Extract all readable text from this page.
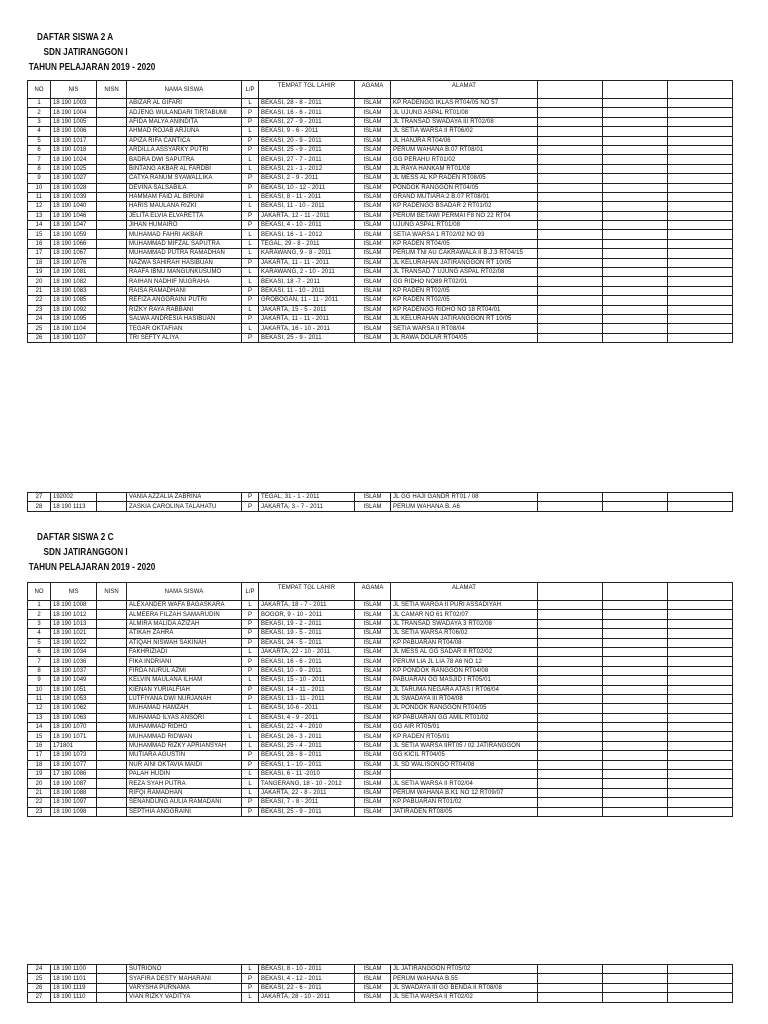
DAFTAR SISWA 2 A
SDN JATIRANGGON I
TAHUN PELAJARAN 2019 - 2020
NO	NIS	NISN	NAMA SISWA	L/P	TEMPAT TGL LAHIR	AGAMA	ALAMAT			
1	18 190 1003		ABIZAR AL GIFARI	L	BEKASI, 28 - 8 - 2011	ISLAM	KP RADENGG IKLAS RT04/05 NO 57			
2	18 190 1004		ADJENG WULANDARI TIRTABUMI	P	BEKASI, 16 - 6 - 2011	ISLAM	JL UJUNG ASPAL RT01/08			
3	18 190 1005		AFIDA MALYA ANINDITA	P	BEKASI, 27 - 9 - 2011	ISLAM	JL TRANSAD SWADAYA III RT02/08			
4	18 190 1006		AHMAD ROJAB ARJUNA	L	BEKASI, 9 - 6 - 2011	ISLAM	JL SETIA WARSA II RT06/02			
5	18 190 1017		APIZA RIFA CANTICA	P	BEKASI, 20 - 9 - 2011	ISLAM	JL HANJRA RT04/06			
6	18 190 1018		ARDILLA ASSYARKY PUTRI	P	BEKASI, 25 - 9 - 2011	ISLAM	PERUM WAHANA B.07 RT08/01			
7	18 190 1024		BADRA DWI SAPUTRA	L	BEKASI, 27 - 7 - 2011	ISLAM	GG PERAHU RT01/02			
8	18 190 1025		BINTANG AKBAR AL FARDBI	L	BEKASI, 21 - 1 - 2012	ISLAM	JL RAYA HANKAM RT01/08			
9	18 190 1027		CATYA RANUM SYAWALLIKA	P	BEKASI, 2 - 9 - 2011	ISLAM	JL MESS AL KP RADEN RT08/05			
10	18 190 1028		DEVINA SALSABILA	P	BEKASI, 10 - 12 - 2011	ISLAM	PONDOK RANGGON RT04/05			
11	18 190 1039		HAMMAM FAID AL BIRUNI	L	BEKASI, 8 - 11 - 2011	ISLAM	GRAND MUTIARA 2 B.07 RT08/01			
12	18 190 1040		HARIS MAULANA RIZKI	L	BEKASI, 11 - 10 - 2011	ISLAM	KP RADENGG BSADAR 2 RT01/02			
13	18 190 1046		JELITA ELVIA ELVARETTA	P	JAKARTA, 12 - 11 - 2011	ISLAM	PERUM BETAWI PERMAI F8 NO 22 RT04			
14	18 190 1047		JIHAN HUMAIRO	P	BEKASI, 4 - 10 - 2011	ISLAM	UJUNG ASPAL RT01/08			
15	18 190 1059		MUHAMAD FAHRI AKBAR	L	BEKASI, 16 - 1 - 2012	ISLAM	SETIA WARSA 1 RT02/02 NO 93			
16	18 190 1066		MUHAMMAD MIFZAL SAPUTRA	L	TEGAL, 29 - 8 - 2011	ISLAM	KP RADEN RT04/05			
17	18 190 1067		MUHAMMAD PUTRA RAMADHAN	L	KARAWANG, 9 - 8 - 2011	ISLAM	PERUM TNI AU CAKRAWALA II B.J.3 RT04/15			
18	18 190 1076		NAZWA SAHIRAH HASIBUAN	P	JAKARTA, 11 - 11 - 2011	ISLAM	JL KELURAHAN JATIRANGGON RT 10/05			
19	18 190 1081		RAAFA IBNU MANGUNKUSUMO	L	KARAWANG, 2 - 10 - 2011	ISLAM	JL TRANSAD 7 UJUNG ASPAL RT02/08			
20	18 190 1082		RAIHAN NADHIF NUGRAHA	L	BEKASI, 18 -7 - 2011	ISLAM	GG RIDHO NO89 RT02/01			
21	18 190 1083		RAISA RAMADHANI	P	BEKASI, 11 - 10 - 2011	ISLAM	KP RADEN RT02/05			
22	18 190 1085		REFIZA ANGGRAINI PUTRI	P	GROBOGAN, 11 - 11 - 2011	ISLAM	KP RADEN RT02/05			
23	18 190 1092		RIZKY RAYA RABBANI	L	JAKARTA, 15 - 5 - 2011	ISLAM	KP RADENGG RIDHO NO 18 RT04/01			
24	18 190 1095		SALWA ANDRESIA HASIBUAN	P	JAKARTA, 11 - 11 - 2011	ISLAM	JL KELURAHAN JATIRANGGON RT 10/05			
25	18 190 1104		TEGAR OKTAFIAN	L	JAKARTA, 16 - 10 - 2011	ISLAM	SETIA WARSA II RT08/04			
26	18 190 1107		TRI SEFTY ALIYA	P	BEKASI, 25 - 9 - 2011	ISLAM	JL RAWA DOLAR RT04/05			
27	192002		VANIA AZZALIA ZABRINA	P	TEGAL, 31 - 1 - 2011	ISLAM	JL GG HAJI GANDR RT01 / 08			
28	18 190 1113		ZASKIA CAROLINA TALAHATU	P	JAKARTA, 3 - 7 - 2011	ISLAM	PERUM WAHANA B. A6			
DAFTAR SISWA 2 C
SDN JATIRANGGON I
TAHUN PELAJARAN 2019 - 2020
NO	NIS	NISN	NAMA SISWA	L/P	TEMPAT TGL LAHIR	AGAMA	ALAMAT			
1	18 190 1008		ALEXANDER WAFA BAGASKARA	L	JAKARTA, 18 - 7 - 2011	ISLAM	JL SETIA WARGA II PURI ASSADIYAH			
2	18 190 1012		ALMEERA FILZAH SAMARUDIN	P	BOGOR, 9 - 10 - 2011	ISLAM	JL CAMAR NO 61 RT02/07			
3	18 190 1013		ALMIRA MALIDA AZIZAH	P	BEKASI, 19 - 2 - 2011	ISLAM	JL TRANSAD SWADAYA 3 RT02/08			
4	18 190 1021		ATIKAH ZAHRA	P	BEKASI, 19 - 5 - 2011	ISLAM	JL SETIA WARSA RT06/02			
5	18 190 1022		ATIQAH NISWAH SAKINAH	P	BEKASI, 24 - 5 - 2011	ISLAM	KP PABUARAN RT04/08			
6	18 190 1034		FAKHRIZIADI	L	JAKARTA, 22 - 10 - 2011	ISLAM	JL MESS AL GG SADAR II RT02/02			
7	18 190 1036		FIKA INDRIANI	P	BEKASI, 16 - 6 - 2011	ISLAM	PERUM LIA JL LIA 78 A6 NO 12			
8	18 190 1037		FIRDA NURUL AZMI	P	BEKASI, 10 - 9 - 2011	ISLAM	KP PONDOK RANGGON RT04/08			
9	18 190 1049		KELVIN MAULANA ILHAM	L	BEKASI, 15 - 10 - 2011	ISLAM	PABUARAN GG MASJID I RT05/01			
10	18 190 1051		KIENAN YURIALFIAH	P	BEKASI, 14 - 11 - 2011	ISLAM	JL TARUMA NEGARA ATAS I RT06/04			
11	18 190 1053		LUTFIYANA DWI NURJANAH	P	BEKASI, 13 - 11 - 2011	ISLAM	JL SWADAYA III RT04/08			
12	18 190 1062		MUHAMAD HAMZAH	L	BEKASI, 10-6 - 2011	ISLAM	JL PONDOK RANGGON RT04/05			
13	18 190 1063		MUHAMAD ILYAS ANSORI	L	BEKASI, 4 - 9 - 2011	ISLAM	KP PABUARAN GG AMIL RT01/02			
14	18 190 1070		MUHAMMAD RIDHO	L	BEKASI, 22 - 4 - 2010	ISLAM	GG AIR RT05/01			
15	18 190 1071		MUHAMMAD RIDWAN	L	BEKASI, 26 - 3 - 2011	ISLAM	KP RADEN RT05/01			
16	171801		MUHAMMAD RIZKY APRIANSYAH	L	BEKASI, 25 - 4 - 2011	ISLAM	JL SETIA WARSA IIRT05 / 02 JATIRANGGON			
17	18 190 1073		MUTIARA AGUSTIN	P	BEKASI, 28 - 8 - 2011	ISLAM	GG KICIL RT04/05			
18	18 190 1077		NUR AINI OKTAVIA MAIDI	P	BEKASI, 1 - 10 - 2011	ISLAM	JL SD WALISONGO RT04/08			
19	17 180 1086		PALAH HUDIN	L	BEKASI, 6 - 11 -2010	ISLAM				
20	18 190 1087		REZA SYAH PUTRA	L	TANGERANG, 18 - 10 - 2012	ISLAM	JL SETIA WARSA II RT02/04			
21	18 190 1088		RIFQI RAMADHAN	L	JAKARTA, 22 - 8 - 2011	ISLAM	PERUM WAHANA B.K1 NO 12 RT09/07			
22	18 190 1097		SENANDUNG AULIA RAMADANI	P	BEKASI, 7 - 8 - 2011	ISLAM	KP PABUARAN RT01/02			
23	18 190 1098		SEPTHIA ANGGRAINI	P	BEKASI, 25 - 9 - 2011	ISLAM	JATIRADEN RT08/05			
24	18 190 1100		SUTRIONO	L	BEKASI, 8 - 10 - 2011	ISLAM	JL JATIRANGGON RT05/02			
25	18 190 1101		SYAFIRA DESTY MAHARANI	P	BEKASI, 4 - 12 - 2011	ISLAM	PERUM WAHANA B.55			
26	18 190 1119		VARYSHA PURNAMA	P	BEKASI, 22 - 6 - 2011	ISLAM	JL SWADAYA III GG BENDA II RT08/08			
27	18 190 1110		VIAN RIZKY VADITYA	L	JAKARTA, 28 - 10 - 2011	ISLAM	JL SETIA WARSA II RT02/02			
